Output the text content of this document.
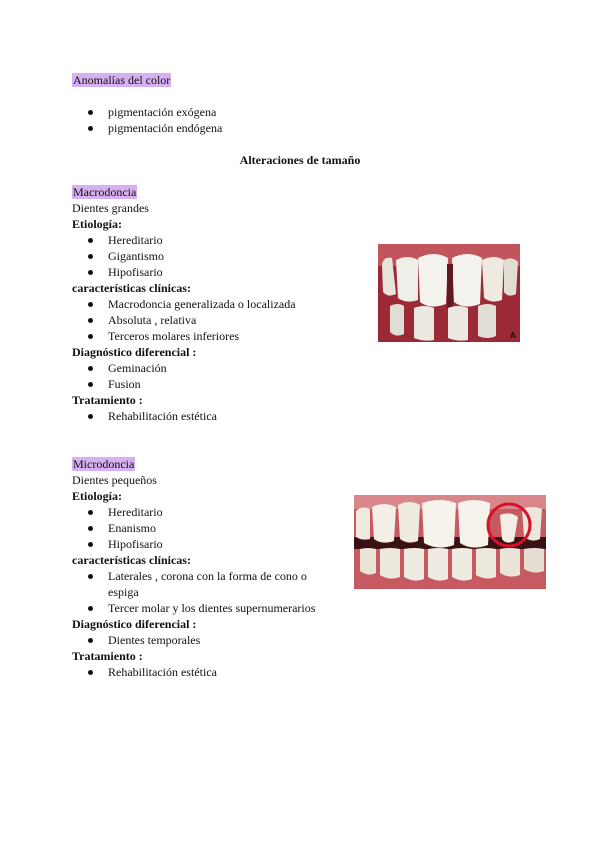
Anomalías del color
pigmentación exógena
pigmentación endógena
Alteraciones de tamaño
Macrodoncia
Dientes grandes
Etiología:
Hereditario
Gigantismo
Hipofisario
características clínicas:
Macrodoncia generalizada o localizada
Absoluta , relativa
Terceros molares inferiores
Diagnóstico diferencial :
Geminación
Fusion
Tratamiento :
Rehabilitación estética
A
Microdoncia
Dientes pequeños
Etiología:
Hereditario
Enanismo
Hipofisario
características clínicas:
Laterales , corona con la forma de cono o
espiga
Tercer molar y los dientes supernumerarios
Diagnóstico diferencial :
Dientes temporales
Tratamiento :
Rehabilitación estética
